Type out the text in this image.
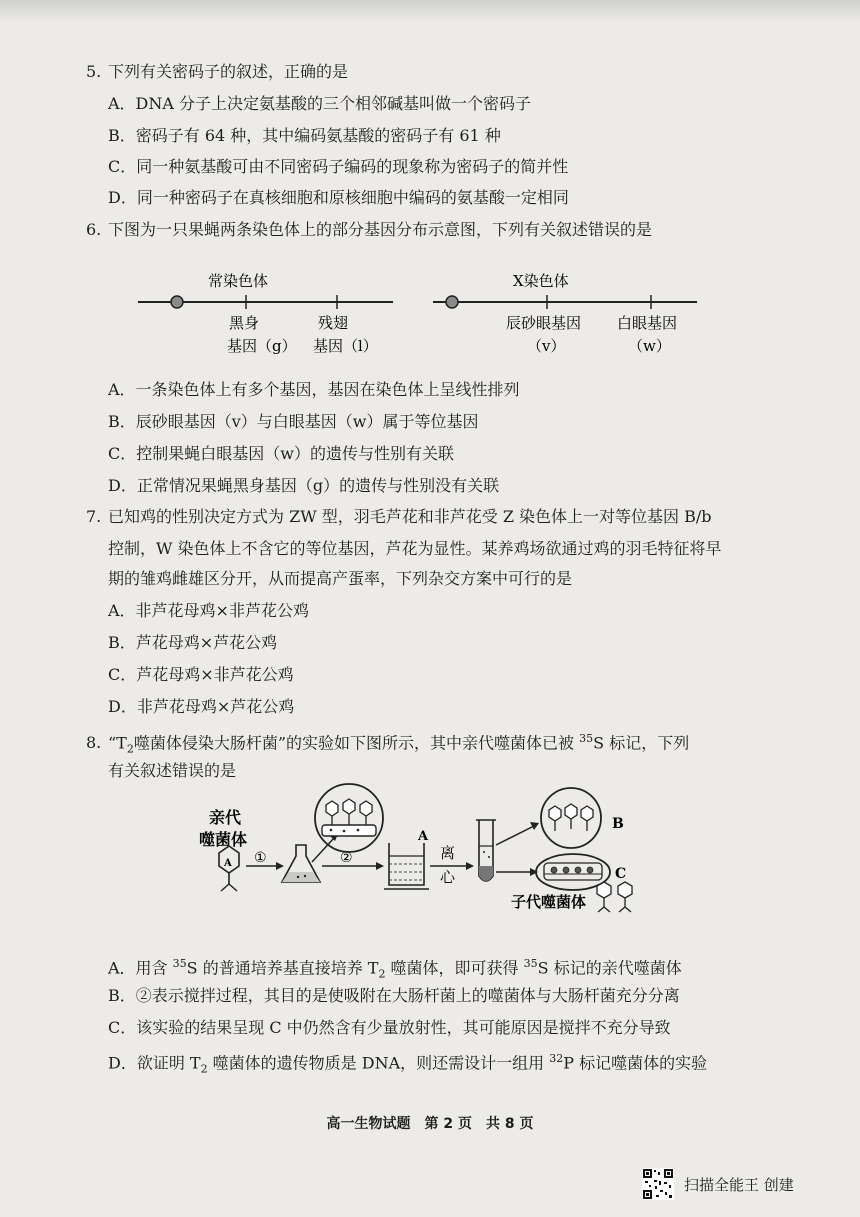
5. 下列有关密码子的叙述，正确的是
A．DNA 分子上决定氨基酸的三个相邻碱基叫做一个密码子
B．密码子有 64 种，其中编码氨基酸的密码子有 61 种
C．同一种氨基酸可由不同密码子编码的现象称为密码子的简并性
D．同一种密码子在真核细胞和原核细胞中编码的氨基酸一定相同
6. 下图为一只果蝇两条染色体上的部分基因分布示意图，下列有关叙述错误的是
常染色体
黑身
基因（g）
残翅
基因（l）
X染色体
辰砂眼基因
（v）
白眼基因
（w）
A．一条染色体上有多个基因，基因在染色体上呈线性排列
B．辰砂眼基因（v）与白眼基因（w）属于等位基因
C．控制果蝇白眼基因（w）的遗传与性别有关联
D．正常情况果蝇黑身基因（g）的遗传与性别没有关联
7. 已知鸡的性别决定方式为 ZW 型，羽毛芦花和非芦花受 Z 染色体上一对等位基因 B/b
控制，W 染色体上不含它的等位基因，芦花为显性。某养鸡场欲通过鸡的羽毛特征将早
期的雏鸡雌雄区分开，从而提高产蛋率，下列杂交方案中可行的是
A．非芦花母鸡×非芦花公鸡
B．芦花母鸡×芦花公鸡
C．芦花母鸡×非芦花公鸡
D．非芦花母鸡×芦花公鸡
8. “$T_2$噬菌体侵染大肠杆菌”的实验如下图所示，其中亲代噬菌体已被 $^{35}$S 标记，下列
有关叙述错误的是
亲代
噬菌体
A ①	②
A
离
心
B
C
子代噬菌体
A．用含 $^{35}$S 的普通培养基直接培养 $T_2$ 噬菌体，即可获得 $^{35}$S 标记的亲代噬菌体
B．②表示搅拌过程，其目的是使吸附在大肠杆菌上的噬菌体与大肠杆菌充分分离
C．该实验的结果呈现 C 中仍然含有少量放射性，其可能原因是搅拌不充分导致
D．欲证明 $T_2$ 噬菌体的遗传物质是 DNA，则还需设计一组用 $^{32}$P 标记噬菌体的实验
高一生物试题　第 2 页　共 8 页
扫描全能王 创建
